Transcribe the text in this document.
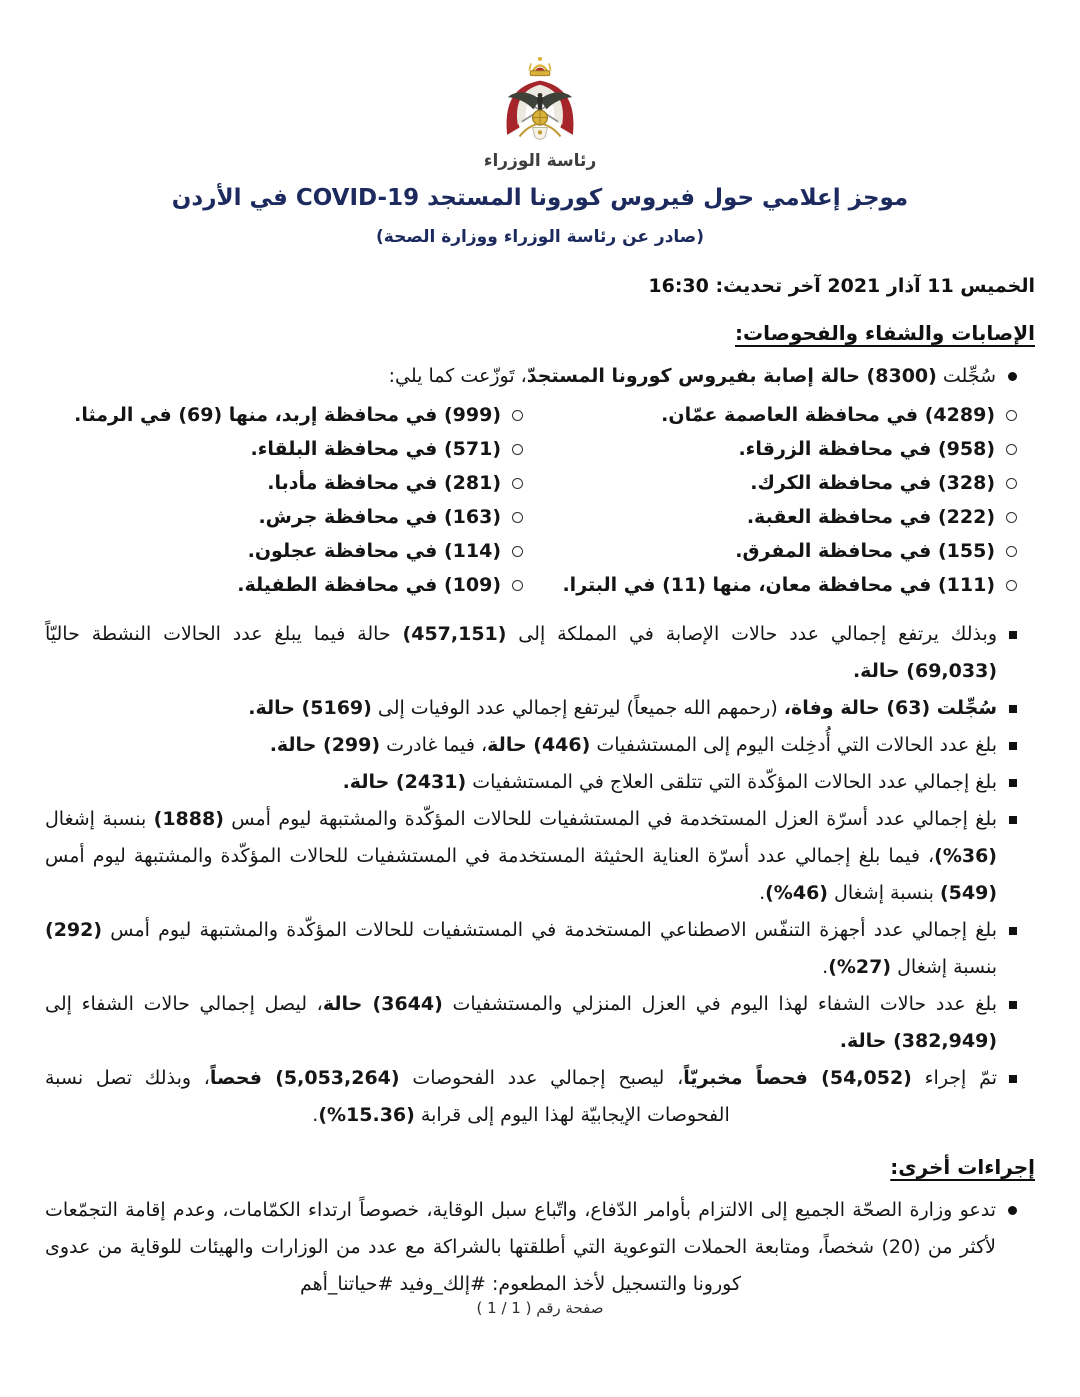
رئاسة الوزراء
موجز إعلامي حول فيروس كورونا المستجد COVID-19 في الأردن
(صادر عن رئاسة الوزراء ووزارة الصحة)
الخميس 11 آذار 2021 آخر تحديث: 16:30
الإصابات والشفاء والفحوصات:

سُجِّلت (8300) حالة إصابة بفيروس كورونا المستجدّ، تَوزّعت كما يلي:

(4289) في محافظة العاصمة عمّان.
(958) في محافظة الزرقاء.
(328) في محافظة الكرك.
(222) في محافظة العقبة.
(155) في محافظة المفرق.
(111) في محافظة معان، منها (11) في البترا.
(999) في محافظة إربد، منها (69) في الرمثا.
(571) في محافظة البلقاء.
(281) في محافظة مأدبا.
(163) في محافظة جرش.
(114) في محافظة عجلون.
(109) في محافظة الطفيلة.

وبذلك يرتفع إجمالي عدد حالات الإصابة في المملكة إلى (457,151) حالة فيما يبلغ عدد الحالات النشطة حاليّاً (69,033) حالة.

سُجِّلت (63) حالة وفاة، (رحمهم الله جميعاً) ليرتفع إجمالي عدد الوفيات إلى (5169) حالة.

بلغ عدد الحالات التي أُدخِلت اليوم إلى المستشفيات (446) حالة، فيما غادرت (299) حالة.

بلغ إجمالي عدد الحالات المؤكّدة التي تتلقى العلاج في المستشفيات (2431) حالة.

بلغ إجمالي عدد أسرّة العزل المستخدمة في المستشفيات للحالات المؤكّدة والمشتبهة ليوم أمس (1888) بنسبة إشغال (%36)، فيما بلغ إجمالي عدد أسرّة العناية الحثيثة المستخدمة في المستشفيات للحالات المؤكّدة والمشتبهة ليوم أمس (549) بنسبة إشغال (%46).

بلغ إجمالي عدد أجهزة التنفّس الاصطناعي المستخدمة في المستشفيات للحالات المؤكّدة والمشتبهة ليوم أمس (292) بنسبة إشغال (%27).

بلغ عدد حالات الشفاء لهذا اليوم في العزل المنزلي والمستشفيات (3644) حالة، ليصل إجمالي حالات الشفاء إلى (382,949) حالة.

تمّ إجراء (54,052) فحصاً مخبريّاً، ليصبح إجمالي عدد الفحوصات (5,053,264) فحصاً، وبذلك تصل نسبة الفحوصات الإيجابيّة لهذا اليوم إلى قرابة (%15.36).

إجراءات أخرى:

تدعو وزارة الصحّة الجميع إلى الالتزام بأوامر الدّفاع، واتّباع سبل الوقاية، خصوصاً ارتداء الكمّامات، وعدم إقامة التجمّعات لأكثر من (20) شخصاً، ومتابعة الحملات التوعوية التي أطلقتها بالشراكة مع عدد من الوزارات والهيئات للوقاية من عدوى كورونا والتسجيل لأخذ المطعوم: #إلك_وفيد #حياتنا_أهم

صفحة رقم ( 1 / 1 )
